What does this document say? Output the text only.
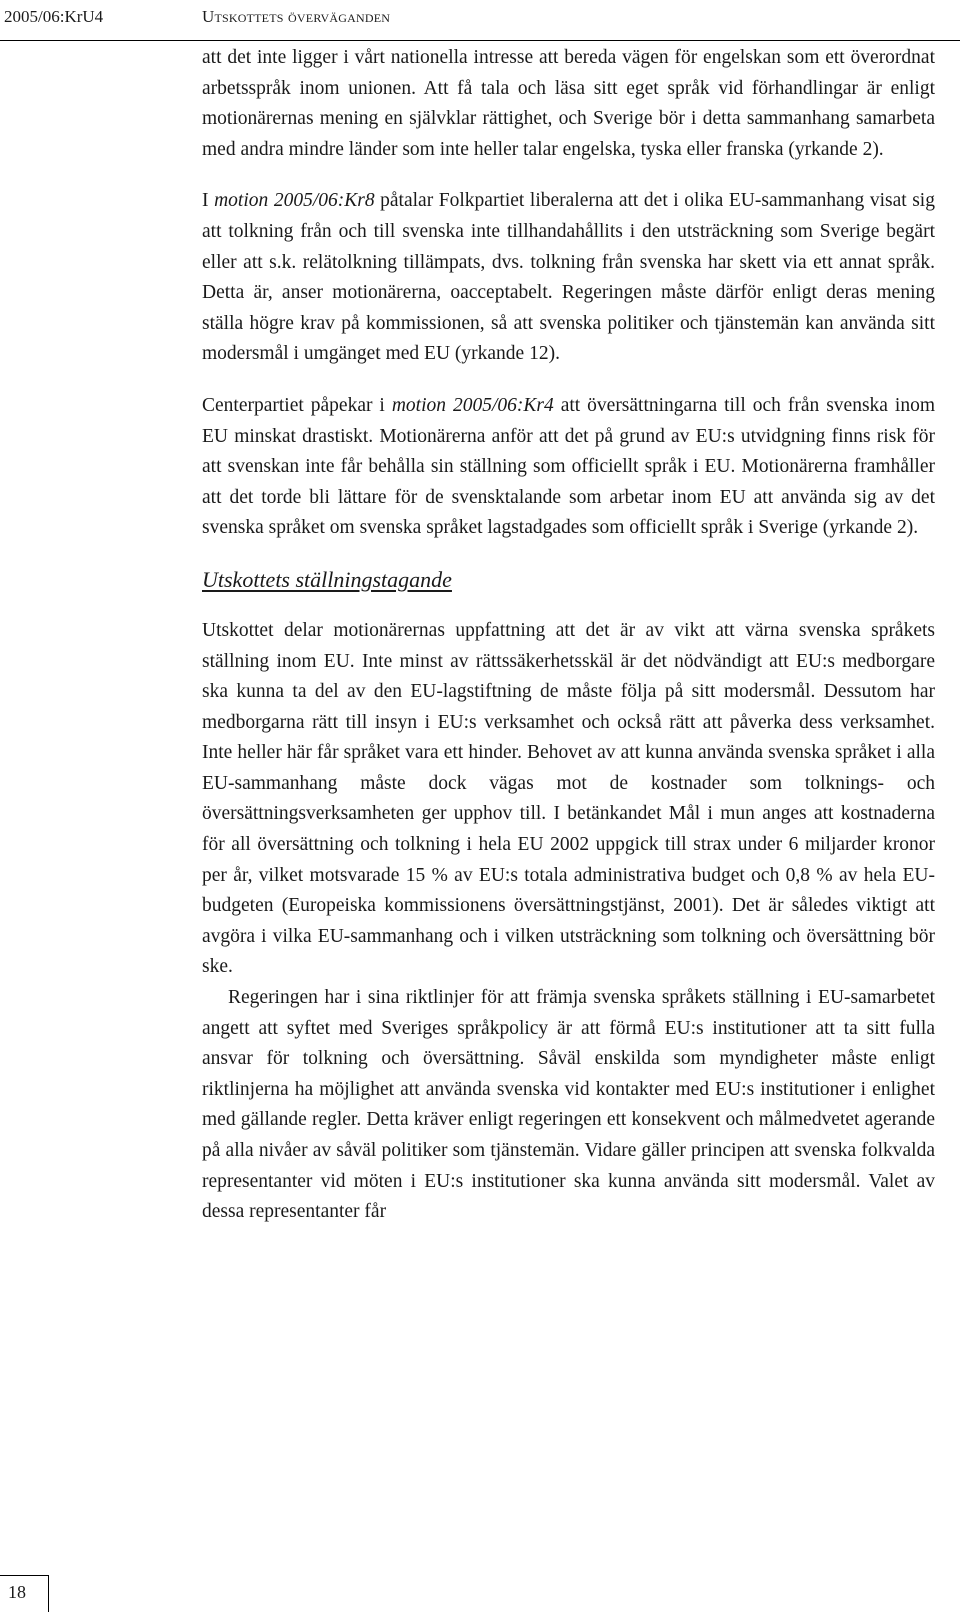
2005/06:KrU4	Utskottets överväganden

att det inte ligger i vårt nationella intresse att bereda vägen för engelskan som ett överordnat arbetsspråk inom unionen. Att få tala och läsa sitt eget språk vid förhandlingar är enligt motionärernas mening en självklar rättighet, och Sverige bör i detta sammanhang samarbeta med andra mindre länder som inte heller talar engelska, tyska eller franska (yrkande 2).

I motion 2005/06:Kr8 påtalar Folkpartiet liberalerna att det i olika EU-sammanhang visat sig att tolkning från och till svenska inte tillhandahållits i den utsträckning som Sverige begärt eller att s.k. relätolkning tillämpats, dvs. tolkning från svenska har skett via ett annat språk. Detta är, anser motionärerna, oacceptabelt. Regeringen måste därför enligt deras mening ställa högre krav på kommissionen, så att svenska politiker och tjänstemän kan använda sitt modersmål i umgänget med EU (yrkande 12).

Centerpartiet påpekar i motion 2005/06:Kr4 att översättningarna till och från svenska inom EU minskat drastiskt. Motionärerna anför att det på grund av EU:s utvidgning finns risk för att svenskan inte får behålla sin ställning som officiellt språk i EU. Motionärerna framhåller att det torde bli lättare för de svensktalande som arbetar inom EU att använda sig av det svenska språket om svenska språket lagstadgades som officiellt språk i Sverige (yrkande 2).

Utskottets ställningstagande

Utskottet delar motionärernas uppfattning att det är av vikt att värna svenska språkets ställning inom EU. Inte minst av rättssäkerhetsskäl är det nödvändigt att EU:s medborgare ska kunna ta del av den EU-lagstiftning de måste följa på sitt modersmål. Dessutom har medborgarna rätt till insyn i EU:s verksamhet och också rätt att påverka dess verksamhet. Inte heller här får språket vara ett hinder. Behovet av att kunna använda svenska språket i alla EU-sammanhang måste dock vägas mot de kostnader som tolknings- och översättningsverksamheten ger upphov till. I betänkandet Mål i mun anges att kostnaderna för all översättning och tolkning i hela EU 2002 uppgick till strax under 6 miljarder kronor per år, vilket motsvarade 15 % av EU:s totala administrativa budget och 0,8 % av hela EU-budgeten (Europeiska kommissionens översättningstjänst, 2001). Det är således viktigt att avgöra i vilka EU-sammanhang och i vilken utsträckning som tolkning och översättning bör ske.

Regeringen har i sina riktlinjer för att främja svenska språkets ställning i EU-samarbetet angett att syftet med Sveriges språkpolicy är att förmå EU:s institutioner att ta sitt fulla ansvar för tolkning och översättning. Såväl enskilda som myndigheter måste enligt riktlinjerna ha möjlighet att använda svenska vid kontakter med EU:s institutioner i enlighet med gällande regler. Detta kräver enligt regeringen ett konsekvent och målmedvetet agerande på alla nivåer av såväl politiker som tjänstemän. Vidare gäller principen att svenska folkvalda representanter vid möten i EU:s institutioner ska kunna använda sitt modersmål. Valet av dessa representanter får

18
